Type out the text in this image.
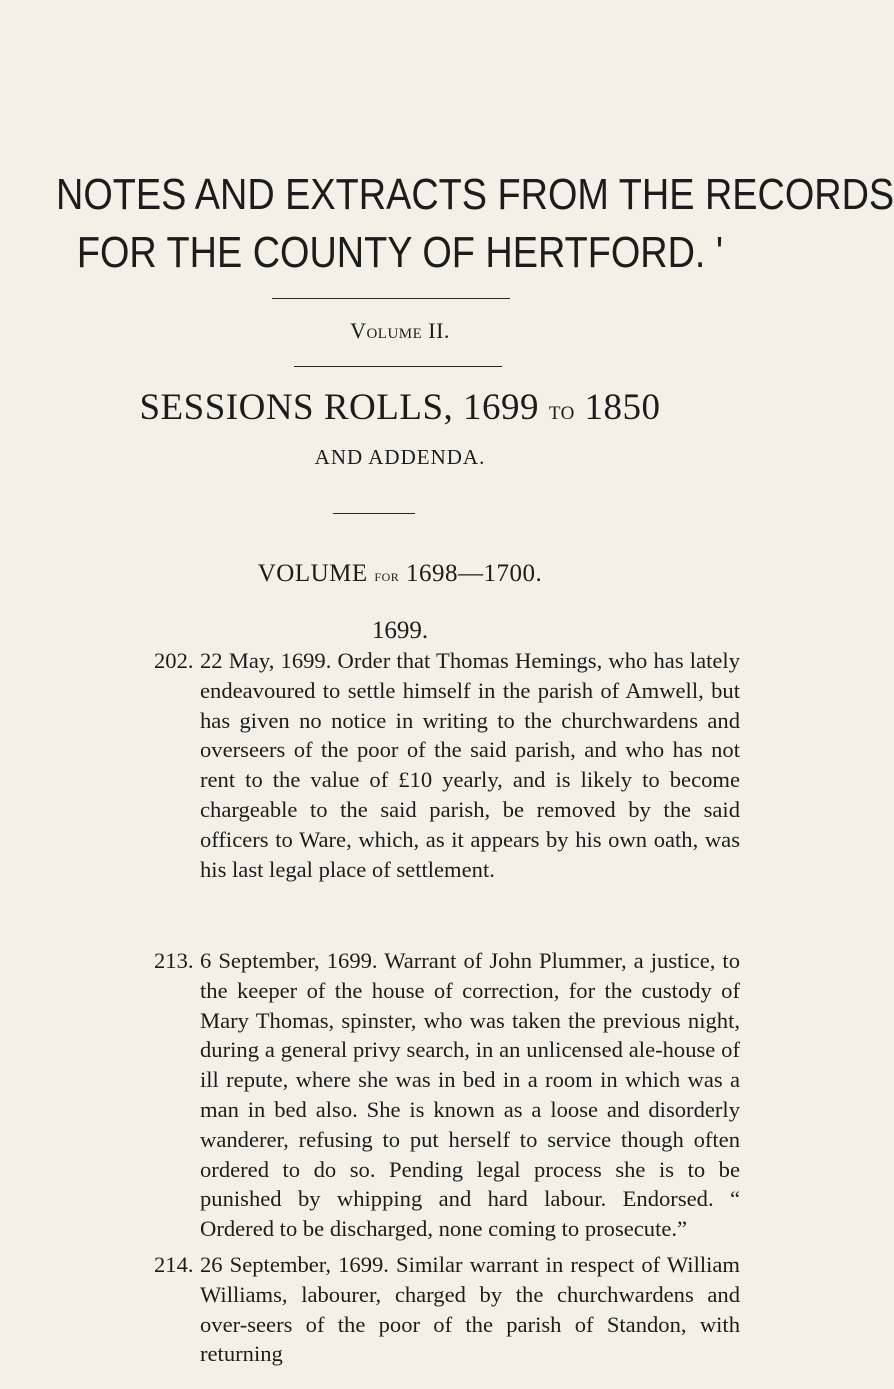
NOTES AND EXTRACTS FROM THE RECORDS
FOR THE COUNTY OF HERTFORD. '
Volume II.
SESSIONS ROLLS, 1699 to 1850
AND ADDENDA.
VOLUME for 1698—1700.
1699.
202. 22 May, 1699. Order that Thomas Hemings, who has lately endeavoured to settle himself in the parish of Amwell, but has given no notice in writing to the churchwardens and overseers of the poor of the said parish, and who has not rent to the value of £10 yearly, and is likely to become chargeable to the said parish, be removed by the said officers to Ware, which, as it appears by his own oath, was his last legal place of settlement.
213. 6 September, 1699. Warrant of John Plummer, a justice, to the keeper of the house of correction, for the custody of Mary Thomas, spinster, who was taken the previous night, during a general privy search, in an unlicensed ale-house of ill repute, where she was in bed in a room in which was a man in bed also. She is known as a loose and disorderly wanderer, refusing to put herself to service though often ordered to do so. Pending legal process she is to be punished by whipping and hard labour. Endorsed. “ Ordered to be discharged, none coming to prosecute.”
214. 26 September, 1699. Similar warrant in respect of William Williams, labourer, charged by the churchwardens and over-seers of the poor of the parish of Standon, with returning
